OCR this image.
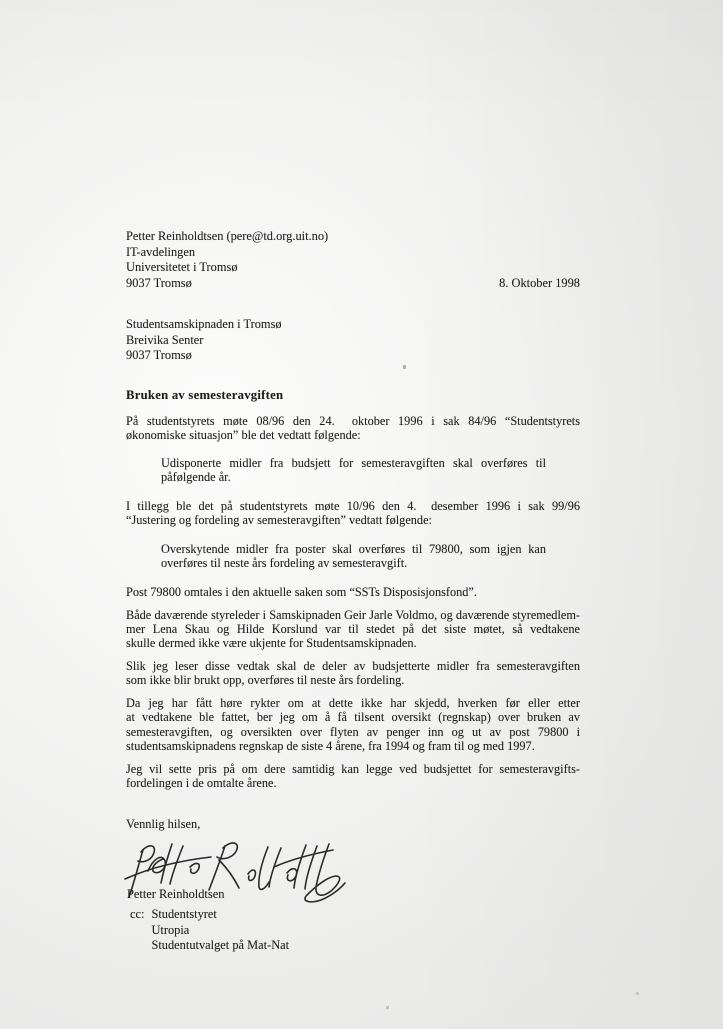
Petter Reinholdtsen (pere@td.org.uit.no)
IT-avdelingen
Universitetet i Tromsø
9037 Tromsø	8. Oktober 1998
Studentsamskipnaden i Tromsø
Breivika Senter
9037 Tromsø
Bruken av semesteravgiften
På studentstyrets møte 08/96 den 24.  oktober 1996 i sak 84/96 “Studentstyrets
økonomiske situasjon” ble det vedtatt følgende:
Udisponerte midler fra budsjett for semesteravgiften skal overføres til
påfølgende år.
I tillegg ble det på studentstyrets møte 10/96 den 4.  desember 1996 i sak 99/96
“Justering og fordeling av semesteravgiften” vedtatt følgende:
Overskytende midler fra poster skal overføres til 79800, som igjen kan
overføres til neste års fordeling av semesteravgift.
Post 79800 omtales i den aktuelle saken som “SSTs Disposisjonsfond”.
Både daværende styreleder i Samskipnaden Geir Jarle Voldmo, og daværende styremedlem-
mer Lena Skau og Hilde Korslund var til stedet på det siste møtet, så vedtakene
skulle dermed ikke være ukjente for Studentsamskipnaden.
Slik jeg leser disse vedtak skal de deler av budsjetterte midler fra semesteravgiften
som ikke blir brukt opp, overføres til neste års fordeling.
Da jeg har fått høre rykter om at dette ikke har skjedd, hverken før eller etter
at vedtakene ble fattet, ber jeg om å få tilsent oversikt (regnskap) over bruken av
semesteravgiften, og oversikten over flyten av penger inn og ut av post 79800 i
studentsamskipnadens regnskap de siste 4 årene, fra 1994 og fram til og med 1997.
Jeg vil sette pris på om dere samtidig kan legge ved budsjettet for semesteravgifts-
fordelingen i de omtalte årene.
Vennlig hilsen,
Petter Reinholdtsen
cc: Studentstyret
Utropia
Studentutvalget på Mat-Nat
